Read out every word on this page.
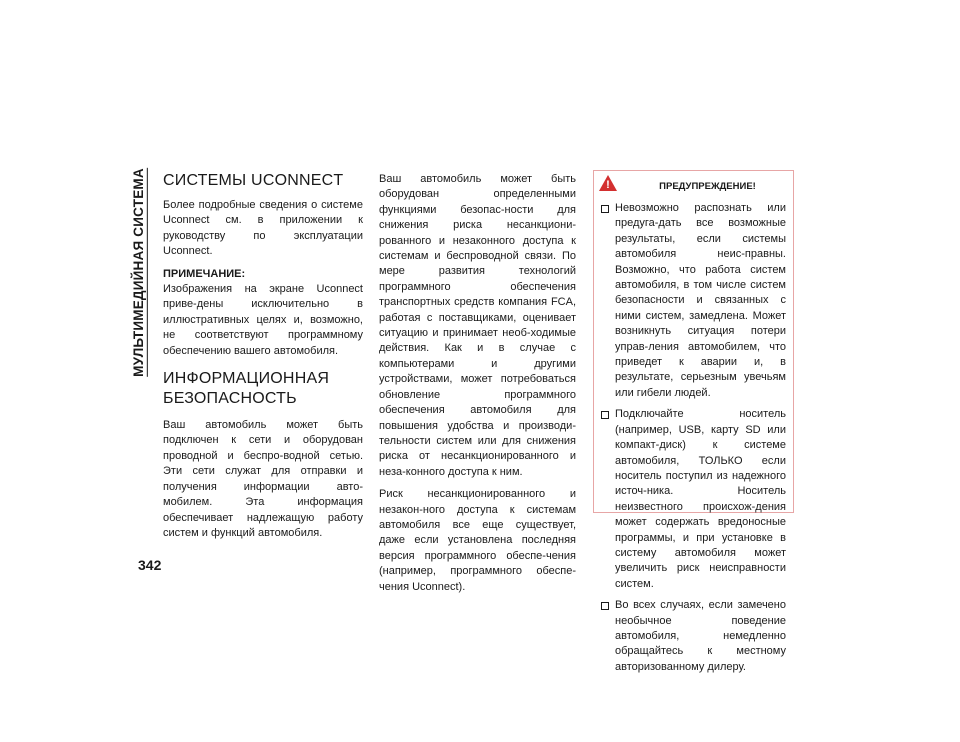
МУЛЬТИМЕДИЙНАЯ СИСТЕМА
342
СИСТЕМЫ UCONNECT

Более подробные сведения о системе Uconnect см. в приложении к руководству по эксплуатации Uconnect.

ПРИМЕЧАНИЕ:

Изображения на экране Uconnect приве-дены исключительно в иллюстративных целях и, возможно, не соответствуют программному обеспечению вашего автомобиля.

ИНФОРМАЦИОННАЯ
БЕЗОПАСНОСТЬ

Ваш автомобиль может быть подключен к сети и оборудован проводной и беспро-водной сетью. Эти сети служат для отправки и получения информации авто-мобилем. Эта информация обеспечивает надлежащую работу систем и функций автомобиля.

Ваш автомобиль может быть оборудован определенными функциями безопас-ности для снижения риска несанкциони-рованного и незаконного доступа к системам и беспроводной связи. По мере развития технологий программного обеспечения транспортных средств компания FCA, работая с поставщиками, оценивает ситуацию и принимает необ-ходимые действия. Как и в случае с компьютерами и другими устройствами, может потребоваться обновление программного обеспечения автомобиля для повышения удобства и производи-тельности систем или для снижения риска от несанкционированного и неза-конного доступа к ним.

Риск несанкционированного и незакон-ного доступа к системам автомобиля все еще существует, даже если установлена последняя версия программного обеспе-чения (например, программного обеспе-чения Uconnect).

!	ПРЕДУПРЕЖДЕНИЕ!
Невозможно распознать или предуга-дать все возможные результаты, если системы автомобиля неис-правны. Возможно, что работа систем автомобиля, в том числе систем безопасности и связанных с ними систем, замедлена. Может возникнуть ситуация потери управ-ления автомобилем, что приведет к аварии и, в результате, серьезным увечьям или гибели людей.
Подключайте носитель (например, USB, карту SD или компакт-диск) к системе автомобиля, ТОЛЬКО если носитель поступил из надежного источ-ника. Носитель неизвестного происхож-дения может содержать вредоносные программы, и при установке в систему автомобиля может увеличить риск неисправности систем.
Во всех случаях, если замечено необычное поведение автомобиля, немедленно обращайтесь к местному авторизованному дилеру.
